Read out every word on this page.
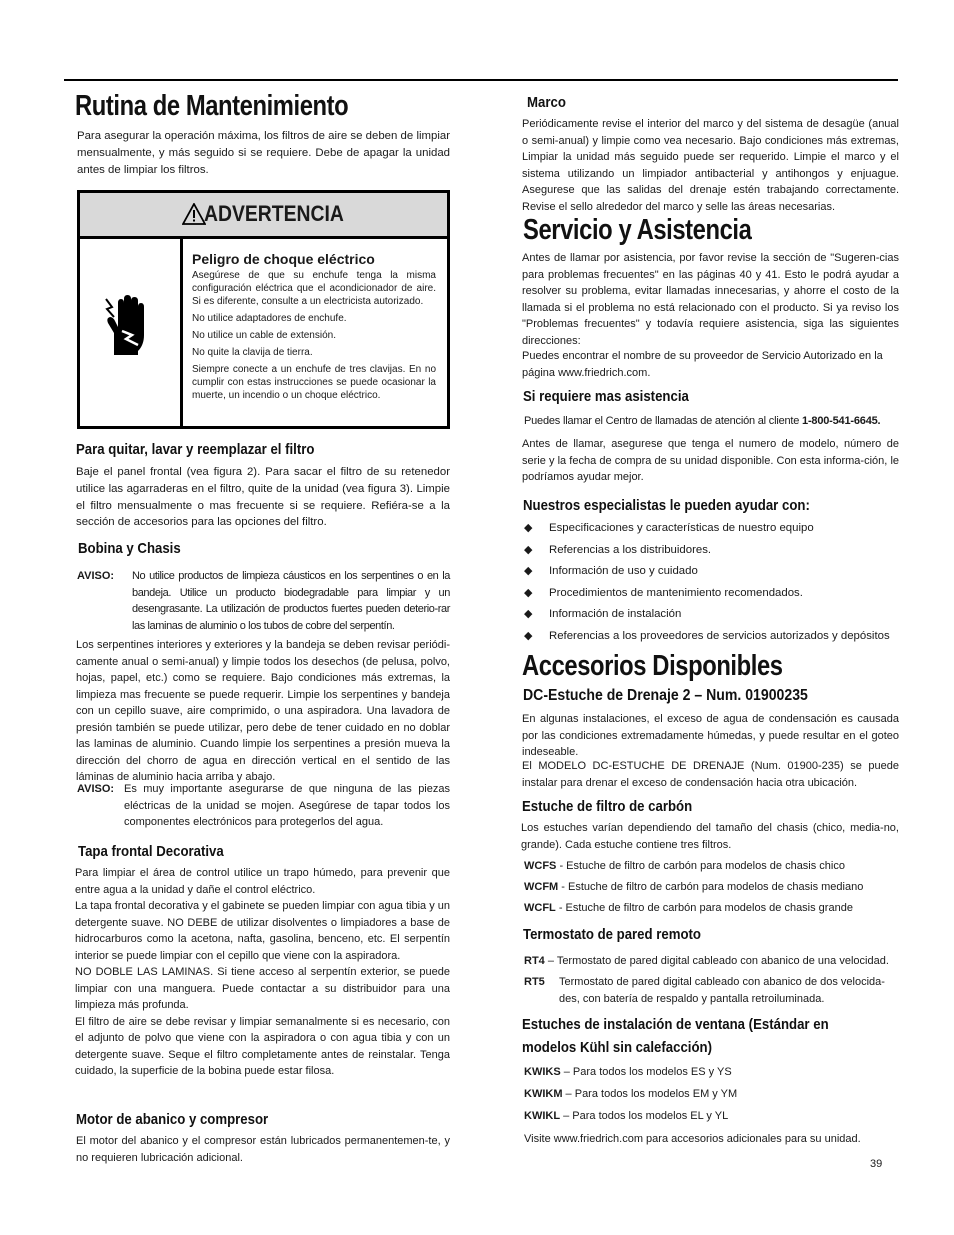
Rutina de Mantenimiento
Para asegurar la operación máxima, los filtros de aire se deben de limpiar mensualmente, y más seguido si se requiere. Debe de apagar la unidad antes de limpiar los filtros.
ADVERTENCIA
Peligro de choque eléctrico
Asegúrese de que su enchufe tenga la misma configuración eléctrica que el acondicionador de aire. Si es diferente, consulte a un electricista autorizado.
No utilice adaptadores de enchufe.
No utilice un cable de extensión.
No quite la clavija de tierra.
Siempre conecte a un enchufe de tres clavijas. En no cumplir con estas instrucciones se puede ocasionar la muerte, un incendio o un choque eléctrico.
Para quitar, lavar y reemplazar el filtro
Baje el panel frontal (vea figura 2). Para sacar el filtro de su retenedor utilice las agarraderas en el filtro, quite de la unidad (vea figura 3). Limpie el filtro mensualmente o mas frecuente si se requiere. Refiéra-se a la sección de accesorios para las opciones del filtro.
Bobina y Chasis
AVISO: No utilice productos de limpieza cáusticos en los serpentines o en la bandeja. Utilice un producto biodegradable para limpiar y un desengrasante. La utilización de productos fuertes pueden deterio-rar las laminas de aluminio o los tubos de cobre del serpentín.
Los serpentines interiores y exteriores y la bandeja se deben revisar periódi-camente anual o semi-anual) y limpie todos los desechos (de pelusa, polvo, hojas, papel, etc.) como se requiere. Bajo condiciones más extremas, la limpieza mas frecuente se puede requerir. Limpie los serpentines y bandeja con un cepillo suave, aire comprimido, o una aspiradora. Una lavadora de presión también se puede utilizar, pero debe de tener cuidado en no doblar las laminas de aluminio. Cuando limpie los serpentines a presión mueva la dirección del chorro de agua en dirección vertical en el sentido de las láminas de aluminio hacia arriba y abajo.
AVISO: Es muy importante asegurarse de que ninguna de las piezas eléctricas de la unidad se mojen. Asegúrese de tapar todos los componentes electrónicos para protegerlos del agua.
Tapa frontal Decorativa
Para limpiar el área de control utilice un trapo húmedo, para prevenir que entre agua a la unidad y dañe el control eléctrico.
La tapa frontal decorativa y el gabinete se pueden limpiar con agua tibia y un detergente suave. NO DEBE de utilizar disolventes o limpiadores a base de hidrocarburos como la acetona, nafta, gasolina, benceno, etc. El serpentín interior se puede limpiar con el cepillo que viene con la aspiradora.
NO DOBLE LAS LAMINAS. Si tiene acceso al serpentín exterior, se puede limpiar con una manguera. Puede contactar a su distribuidor para una limpieza más profunda.
El filtro de aire se debe revisar y limpiar semanalmente si es necesario, con el adjunto de polvo que viene con la aspiradora o con agua tibia y con un detergente suave. Seque el filtro completamente antes de reinstalar. Tenga cuidado, la superficie de la bobina puede estar filosa.
Motor de abanico y compresor
El motor del abanico y el compresor están lubricados permanentemen-te, y no requieren lubricación adicional.
Marco
Periódicamente revise el interior del marco y del sistema de desagüe (anual o semi-anual) y limpie como vea necesario. Bajo condiciones más extremas, Limpiar la unidad más seguido puede ser requerido. Limpie el marco y el sistema utilizando un limpiador antibacterial y antihongos y enjuague. Asegurese que las salidas del drenaje estén trabajando correctamente. Revise el sello alrededor del marco y selle las áreas necesarias.
Servicio y Asistencia
Antes de llamar por asistencia, por favor revise la sección de "Sugeren-cias para problemas frecuentes" en las páginas 40 y 41. Esto le podrá ayudar a resolver su problema, evitar llamadas innecesarias, y ahorre el costo de la llamada si el problema no está relacionado con el producto. Si ya reviso los "Problemas frecuentes" y todavía requiere asistencia, siga las siguientes direcciones:
Puedes encontrar el nombre de su proveedor de Servicio Autorizado en la página www.friedrich.com.
Si requiere mas asistencia
Puedes llamar el Centro de llamadas de atención al cliente 1-800-541-6645.
Antes de llamar, asegurese que tenga el numero de modelo, número de serie y la fecha de compra de su unidad disponible. Con esta informa-ción, le podríamos ayudar mejor.
Nuestros especialistas le pueden ayudar con:
◆ Especificaciones y características de nuestro equipo
◆ Referencias a los distribuidores.
◆ Información de uso y cuidado
◆ Procedimientos de mantenimiento recomendados.
◆ Información de instalación
◆ Referencias a los proveedores de servicios autorizados y depósitos
Accesorios Disponibles
DC-Estuche de Drenaje 2 – Num. 01900235
En algunas instalaciones, el exceso de agua de condensación es causada por las condiciones extremadamente húmedas, y puede resultar en el goteo indeseable.
El MODELO DC-ESTUCHE DE DRENAJE (Num. 01900-235) se puede instalar para drenar el exceso de condensación hacia otra ubicación.
Estuche de filtro de carbón
Los estuches varían dependiendo del tamaño del chasis (chico, media-no, grande). Cada estuche contiene tres filtros.
WCFS - Estuche de filtro de carbón para modelos de chasis chico
WCFM - Estuche de filtro de carbón para modelos de chasis mediano
WCFL - Estuche de filtro de carbón para modelos de chasis grande
Termostato de pared remoto
RT4 – Termostato de pared digital cableado con abanico de una velocidad.
RT5 Termostato de pared digital cableado con abanico de dos velocida-des, con batería de respaldo y pantalla retroiluminada.
Estuches de instalación de ventana (Estándar en
modelos Kühl sin calefacción)
KWIKS – Para todos los modelos ES y YS
KWIKM – Para todos los modelos EM y YM
KWIKL – Para todos los modelos EL y YL
Visite www.friedrich.com para accesorios adicionales para su unidad.
39
